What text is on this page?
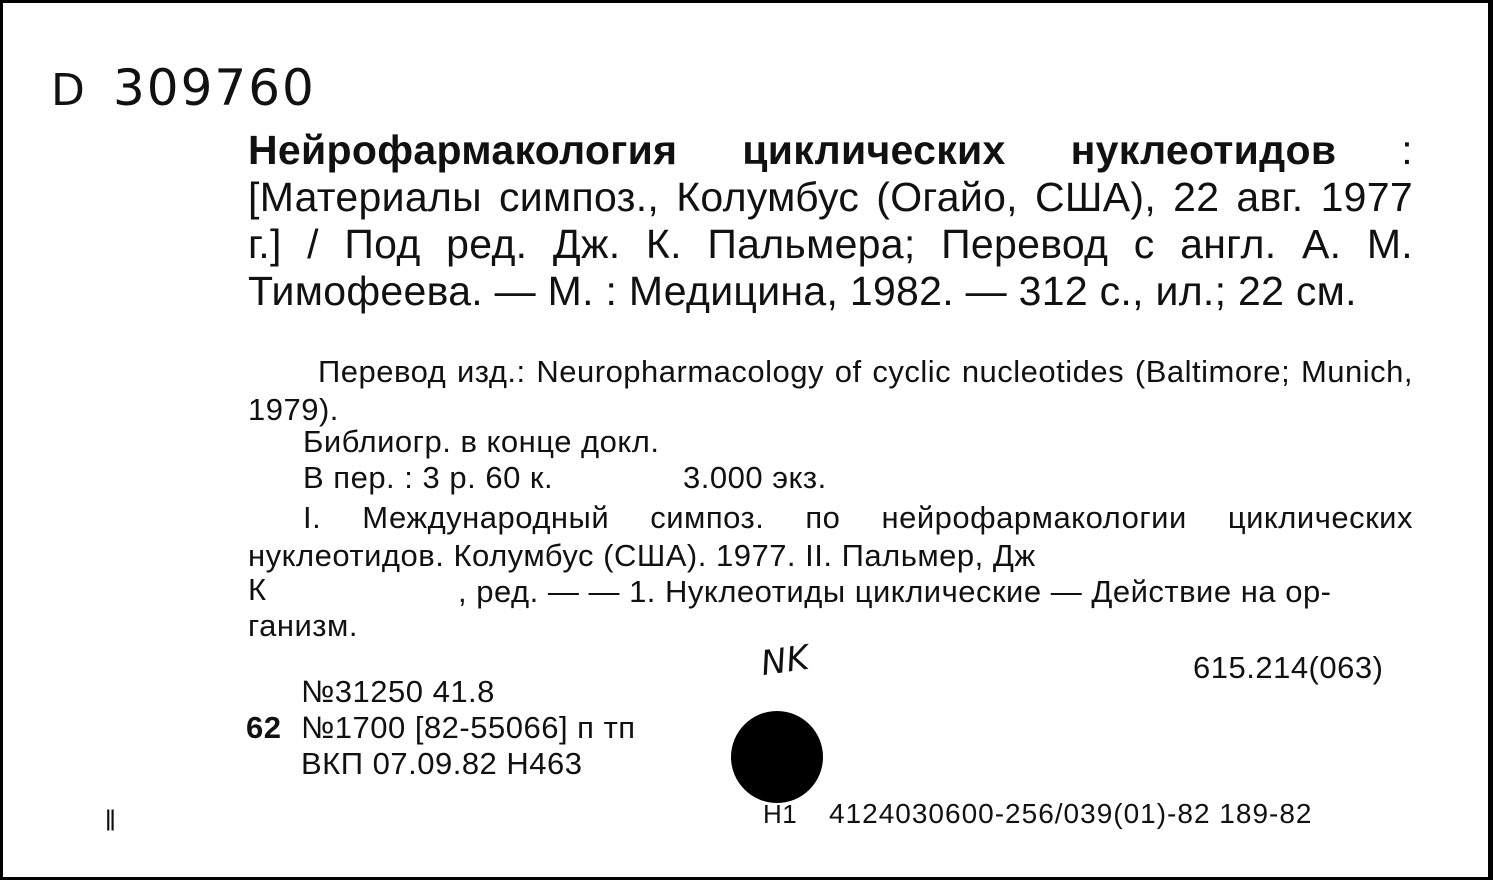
D 309760
Нейрофармакология циклических нуклеотидов : [Материалы симпоз., Колумбус (Огайо, США), 22 авг. 1977 г.] / Под ред. Дж. К. Пальмера; Перевод с англ. А. М. Тимофеева. — М. : Медицина, 1982. — 312 с., ил.; 22 см.
Перевод изд.: Neuropharmacology of cyclic nucleotides (Baltimore; Munich, 1979).
Библиогр. в конце докл.
В пер. : 3 р. 60 к.	3.000 экз.
I. Международный симпоз. по нейрофармакологии циклических
нуклеотидов. Колумбус (США). 1977. II. Пальмер, Дж
К	, ред. — — 1. Нуклеотиды циклические — Действие на ор-
ганизм.
NK	615.214(063)
№31250 41.8
62 №1700 [82-55066] п тп
ВКП 07.09.82 Н463
Н1 4124030600-256/039(01)-82 189-82
ǁ
